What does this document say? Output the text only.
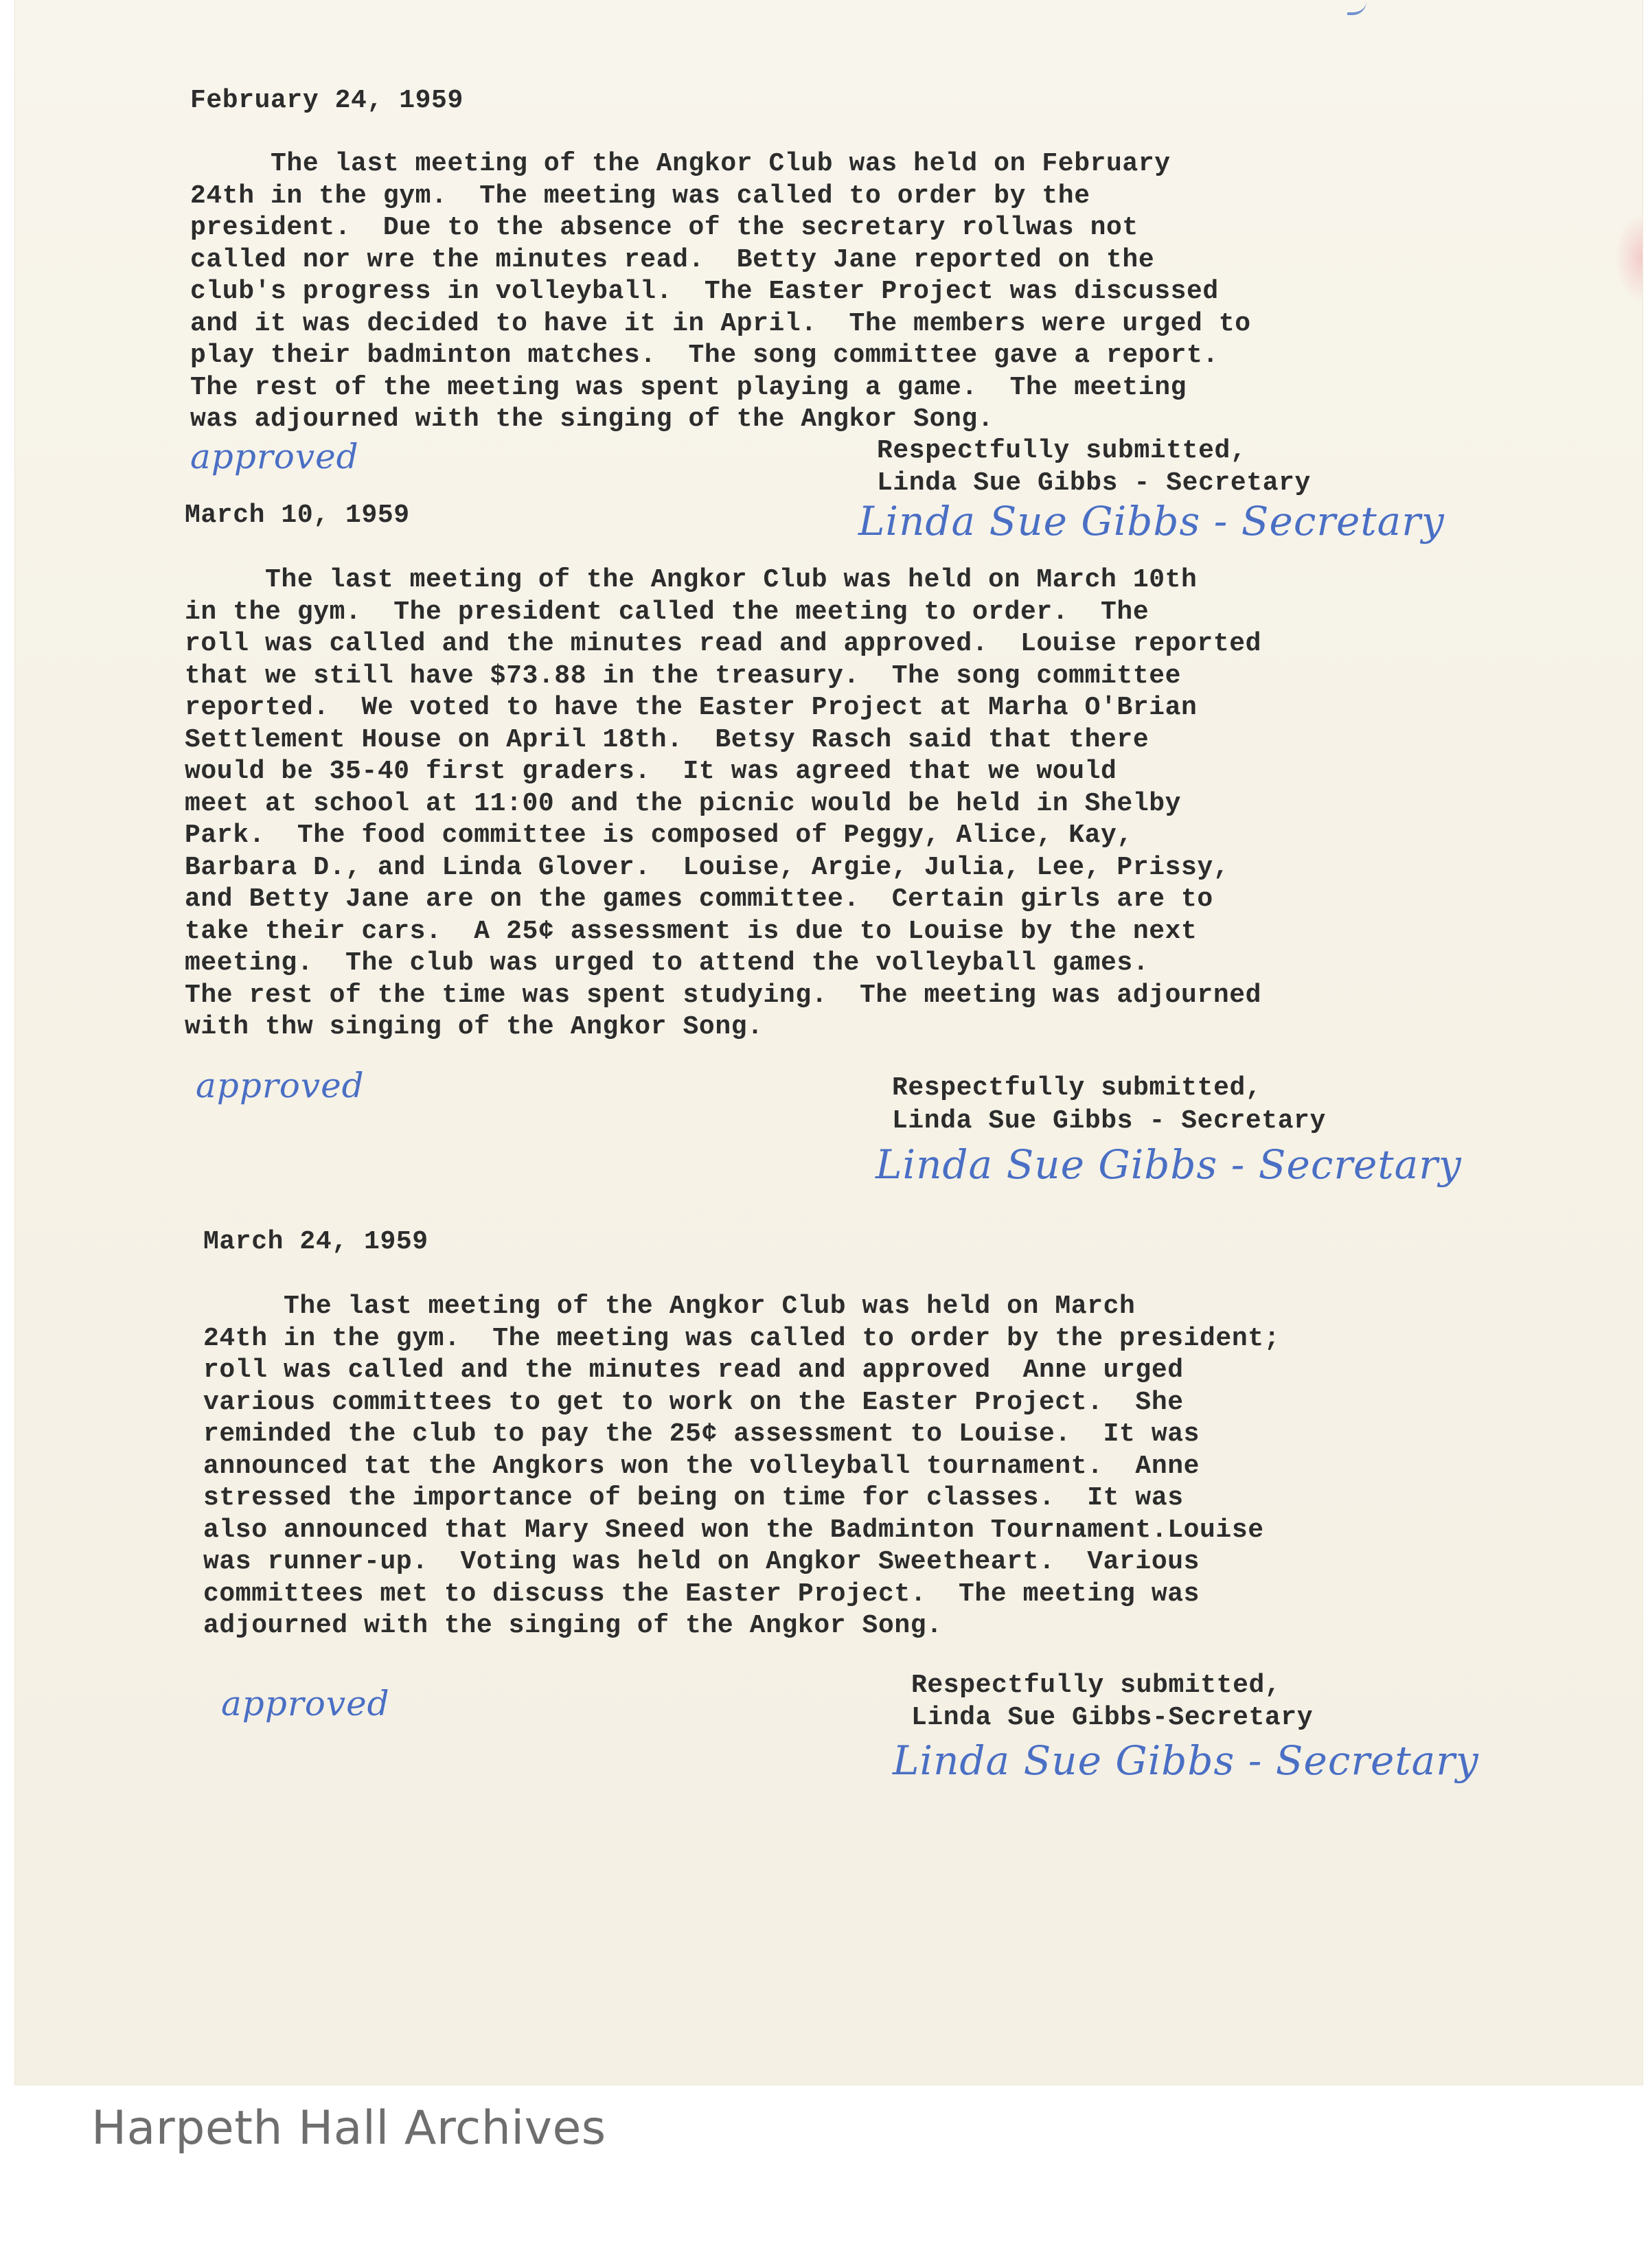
February 24, 1959
The last meeting of the Angkor Club was held on February
24th in the gym.  The meeting was called to order by the
president.  Due to the absence of the secretary rollwas not
called nor wre the minutes read.  Betty Jane reported on the
club's progress in volleyball.  The Easter Project was discussed
and it was decided to have it in April.  The members were urged to
play their badminton matches.  The song committee gave a report.
The rest of the meeting was spent playing a game.  The meeting
was adjourned with the singing of the Angkor Song.
approved	Respectfully submitted,
Linda Sue Gibbs - Secretary
Linda Sue Gibbs - Secretary
March 10, 1959
The last meeting of the Angkor Club was held on March 10th
in the gym.  The president called the meeting to order.  The
roll was called and the minutes read and approved.  Louise reported
that we still have $73.88 in the treasury.  The song committee
reported.  We voted to have the Easter Project at Marha O'Brian
Settlement House on April 18th.  Betsy Rasch said that there
would be 35-40 first graders.  It was agreed that we would
meet at school at 11:00 and the picnic would be held in Shelby
Park.  The food committee is composed of Peggy, Alice, Kay,
Barbara D., and Linda Glover.  Louise, Argie, Julia, Lee, Prissy,
and Betty Jane are on the games committee.  Certain girls are to
take their cars.  A 25¢ assessment is due to Louise by the next
meeting.  The club was urged to attend the volleyball games.
The rest of the time was spent studying.  The meeting was adjourned
with thw singing of the Angkor Song.
approved	Respectfully submitted,
Linda Sue Gibbs - Secretary
Linda Sue Gibbs - Secretary
March 24, 1959
The last meeting of the Angkor Club was held on March
24th in the gym.  The meeting was called to order by the president;
roll was called and the minutes read and approved  Anne urged
various committees to get to work on the Easter Project.  She
reminded the club to pay the 25¢ assessment to Louise.  It was
announced tat the Angkors won the volleyball tournament.  Anne
stressed the importance of being on time for classes.  It was
also announced that Mary Sneed won the Badminton Tournament.Louise
was runner-up.  Voting was held on Angkor Sweetheart.  Various
committees met to discuss the Easter Project.  The meeting was
adjourned with the singing of the Angkor Song.
approved	Respectfully submitted,
Linda Sue Gibbs-Secretary
Linda Sue Gibbs - Secretary
Harpeth Hall Archives
